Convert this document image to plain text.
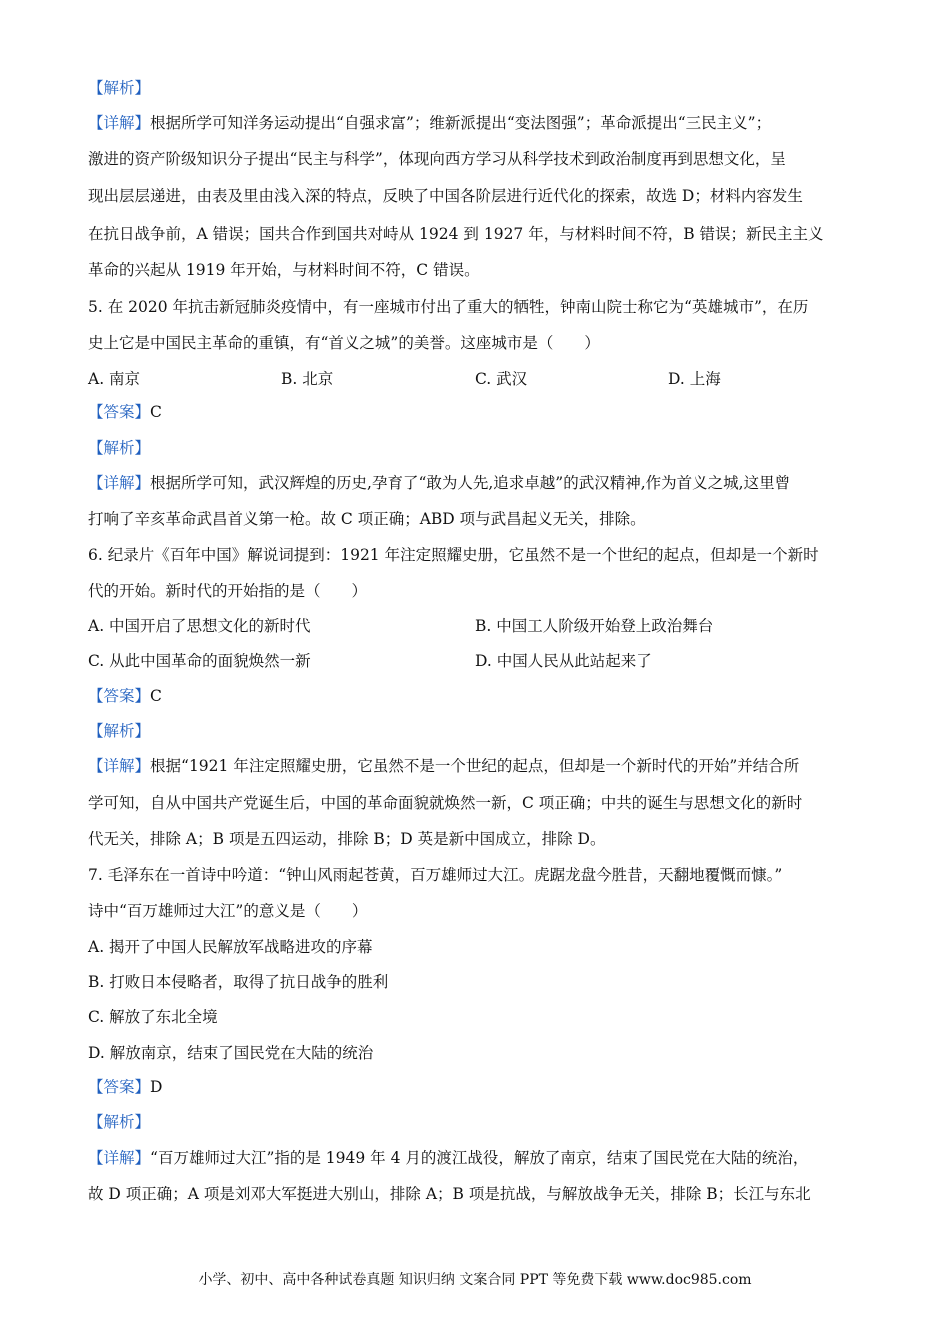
【解析】
【详解】根据所学可知洋务运动提出“自强求富”；维新派提出“变法图强”；革命派提出“三民主义”；
激进的资产阶级知识分子提出“民主与科学”，体现向西方学习从科学技术到政治制度再到思想文化，呈
现出层层递进，由表及里由浅入深的特点，反映了中国各阶层进行近代化的探索，故选 D；材料内容发生
在抗日战争前，A 错误；国共合作到国共对峙从 1924 到 1927 年，与材料时间不符，B 错误；新民主主义
革命的兴起从 1919 年开始，与材料时间不符，C 错误。
5. 在 2020 年抗击新冠肺炎疫情中，有一座城市付出了重大的牺牲，钟南山院士称它为“英雄城市”，在历
史上它是中国民主革命的重镇，有“首义之城”的美誉。这座城市是（　　）
A. 南京	B. 北京	C. 武汉	D. 上海
【答案】C
【解析】
【详解】根据所学可知，武汉辉煌的历史,孕育了“敢为人先,追求卓越”的武汉精神,作为首义之城,这里曾
打响了辛亥革命武昌首义第一枪。故 C 项正确；ABD 项与武昌起义无关，排除。
6. 纪录片《百年中国》解说词提到：1921 年注定照耀史册，它虽然不是一个世纪的起点，但却是一个新时
代的开始。新时代的开始指的是（　　）
A. 中国开启了思想文化的新时代	B. 中国工人阶级开始登上政治舞台
C. 从此中国革命的面貌焕然一新	D. 中国人民从此站起来了
【答案】C
【解析】
【详解】根据“1921 年注定照耀史册，它虽然不是一个世纪的起点，但却是一个新时代的开始”并结合所
学可知，自从中国共产党诞生后，中国的革命面貌就焕然一新，C 项正确；中共的诞生与思想文化的新时
代无关，排除 A；B 项是五四运动，排除 B；D 英是新中国成立，排除 D。
7. 毛泽东在一首诗中吟道：“钟山风雨起苍黄，百万雄师过大江。虎踞龙盘今胜昔，天翻地覆慨而慷。”
诗中“百万雄师过大江”的意义是（　　）
A. 揭开了中国人民解放军战略进攻的序幕
B. 打败日本侵略者，取得了抗日战争的胜利
C. 解放了东北全境
D. 解放南京，结束了国民党在大陆的统治
【答案】D
【解析】
【详解】“百万雄师过大江”指的是 1949 年 4 月的渡江战役，解放了南京，结束了国民党在大陆的统治，
故 D 项正确；A 项是刘邓大军挺进大别山，排除 A；B 项是抗战，与解放战争无关，排除 B；长江与东北
小学、初中、高中各种试卷真题 知识归纳 文案合同 PPT 等免费下载 www.doc985.com
